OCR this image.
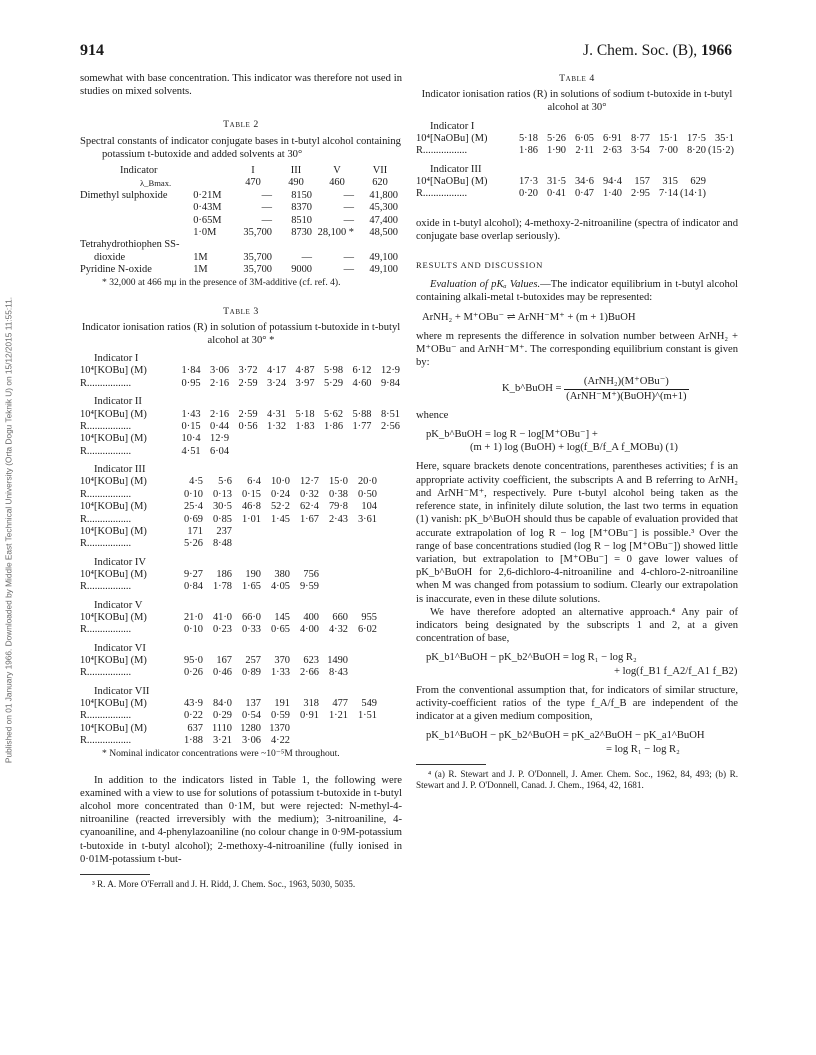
Published on 01 January 1966. Downloaded by Middle East Technical University (Orta Dogu Teknik U) on 15/12/2015 11:55:11.
914	J. Chem. Soc. (B), 1966

somewhat with base concentration. This indicator was therefore not used in studies on mixed solvents.

Table 2

Spectral constants of indicator conjugate bases in t-butyl alcohol containing potassium t-butoxide and added solvents at 30°

Indicator		I	III	V	VII
λ_Bmax.		470	490	460	620
Dimethyl sulphoxide	0·21M	—	8150	—	41,800
	0·43M	—	8370	—	45,300
	0·65M	—	8510	—	47,400
	1·0M	35,700	8730	28,100 *	48,500
Tetrahydrothiophen SS-					
dioxide	1M	35,700	—	—	49,100
Pyridine N-oxide	1M	35,700	9000	—	49,100

* 32,000 at 466 mμ in the presence of 3M-additive (cf. ref. 4).

Table 3

Indicator ionisation ratios (R) in solution of potassium t-butoxide in t-butyl alcohol at 30° *

Indicator I
10⁴[KOBu] (M)	1·84	3·06	3·72	4·17	4·87	5·98	6·12	12·9
R.................	0·95	2·16	2·59	3·24	3·97	5·29	4·60	9·84
Indicator II
10⁴[KOBu] (M)	1·43	2·16	2·59	4·31	5·18	5·62	5·88	8·51
R.................	0·15	0·44	0·56	1·32	1·83	1·86	1·77	2·56
10⁴[KOBu] (M)	10·4	12·9						
R.................	4·51	6·04						
Indicator III
10⁴[KOBu] (M)	4·5	5·6	6·4	10·0	12·7	15·0	20·0
R.................	0·10	0·13	0·15	0·24	0·32	0·38	0·50
10⁴[KOBu] (M)	25·4	30·5	46·8	52·2	62·4	79·8	104
R.................	0·69	0·85	1·01	1·45	1·67	2·43	3·61
10⁴[KOBu] (M)	171	237					
R.................	5·26	8·48					
Indicator IV
10⁴[KOBu] (M)	9·27	186	190	380	756
R.................	0·84	1·78	1·65	4·05	9·59
Indicator V
10⁴[KOBu] (M)	21·0	41·0	66·0	145	400	660	955
R.................	0·10	0·23	0·33	0·65	4·00	4·32	6·02
Indicator VI
10⁴[KOBu] (M)	95·0	167	257	370	623	1490
R.................	0·26	0·46	0·89	1·33	2·66	8·43
Indicator VII
10⁴[KOBu] (M)	43·9	84·0	137	191	318	477	549
R.................	0·22	0·29	0·54	0·59	0·91	1·21	1·51
10⁴[KOBu] (M)	637	1110	1280	1370			
R.................	1·88	3·21	3·06	4·22			

* Nominal indicator concentrations were ~10⁻⁵M throughout.

In addition to the indicators listed in Table 1, the following were examined with a view to use for solutions of potassium t-butoxide in t-butyl alcohol more concentrated than 0·1M, but were rejected: N-methyl-4-nitroaniline (reacted irreversibly with the medium); 3-nitroaniline, 4-cyanoaniline, and 4-phenylazoaniline (no colour change in 0·9M-potassium t-butoxide in t-butyl alcohol); 2-methoxy-4-nitroaniline (fully ionised in 0·01M-potassium t-but-

³ R. A. More O'Ferrall and J. H. Ridd, J. Chem. Soc., 1963, 5030, 5035.

Table 4

Indicator ionisation ratios (R) in solutions of sodium t-butoxide in t-butyl alcohol at 30°

Indicator I
10⁴[NaOBu] (M)	5·18	5·26	6·05	6·91	8·77	15·1	17·5	35·1
R.................	1·86	1·90	2·11	2·63	3·54	7·00	8·20	(15·2)
Indicator III
10⁴[NaOBu] (M)	17·3	31·5	34·6	94·4	157	315	629
R.................	0·20	0·41	0·47	1·40	2·95	7·14	(14·1)

oxide in t-butyl alcohol); 4-methoxy-2-nitroaniline (spectra of indicator and conjugate base overlap seriously).

RESULTS AND DISCUSSION

Evaluation of pKₐ Values.—The indicator equilibrium in t-butyl alcohol containing alkali-metal t-butoxides may be represented:

ArNH₂ + M⁺OBu⁻ ⇌ ArNH⁻M⁺ + (m + 1)BuOH

where m represents the difference in solvation number between ArNH₂ + M⁺OBu⁻ and ArNH⁻M⁺. The corresponding equilibrium constant is given by:

K_b^BuOH = $\frac{\text{(ArNH₂)(M⁺OBu⁻)}}{\text{(ArNH⁻M⁺)(BuOH)\textasciicircum{}(m+1)}}$

whence

pK_b^BuOH = log R − log[M⁺OBu⁻] +
(m + 1) log (BuOH) + log(f_B/f_A f_MOBu) (1)

Here, square brackets denote concentrations, parentheses activities; f is an appropriate activity coefficient, the subscripts A and B referring to ArNH₂ and ArNH⁻M⁺, respectively. Pure t-butyl alcohol being taken as the reference state, in infinitely dilute solution, the last two terms in equation (1) vanish: pK_b^BuOH should thus be capable of evaluation provided that accurate extrapolation of log R − log [M⁺OBu⁻] is possible.³ Over the range of base concentrations studied (log R − log [M⁺OBu⁻]) showed little variation, but extrapolation to [M⁺OBu⁻] = 0 gave lower values of pK_b^BuOH for 2,6-dichloro-4-nitroaniline and 4-chloro-2-nitroaniline when M was changed from potassium to sodium. Clearly our extrapolation is inaccurate, even in these dilute solutions.

We have therefore adopted an alternative approach.⁴ Any pair of indicators being designated by the subscripts 1 and 2, at a given concentration of base,

pK_b1^BuOH − pK_b2^BuOH = log R₁ − log R₂
+ log(f_B1 f_A2/f_A1 f_B2)

From the conventional assumption that, for indicators of similar structure, activity-coefficient ratios of the type f_A/f_B are independent of the indicator at a given medium composition,

pK_b1^BuOH − pK_b2^BuOH = pK_a2^BuOH − pK_a1^BuOH
= log R₁ − log R₂

⁴ (a) R. Stewart and J. P. O'Donnell, J. Amer. Chem. Soc., 1962, 84, 493; (b) R. Stewart and J. P. O'Donnell, Canad. J. Chem., 1964, 42, 1681.
